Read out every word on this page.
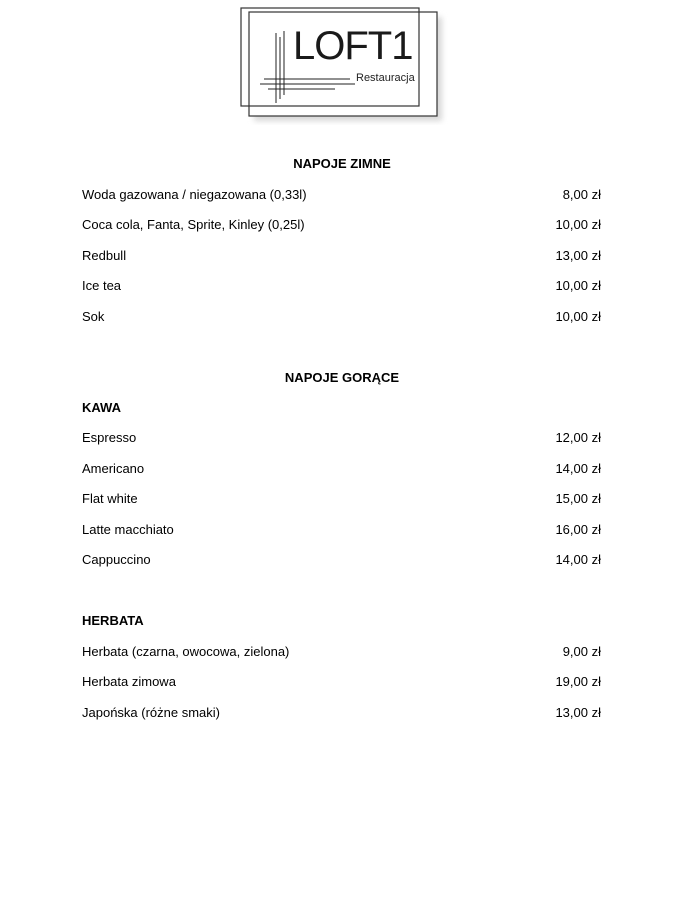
LOFT1
Restauracja
NAPOJE ZIMNE
Woda gazowana / niegazowana (0,33l)	8,00 zł
Coca cola, Fanta, Sprite, Kinley (0,25l)	10,00 zł
Redbull	13,00 zł
Ice tea	10,00 zł
Sok	10,00 zł
NAPOJE GORĄCE
KAWA
Espresso	12,00 zł
Americano	14,00 zł
Flat white	15,00 zł
Latte macchiato	16,00 zł
Cappuccino	14,00 zł
HERBATA
Herbata (czarna, owocowa, zielona)	9,00 zł
Herbata zimowa	19,00 zł
Japońska (różne smaki)	13,00 zł
